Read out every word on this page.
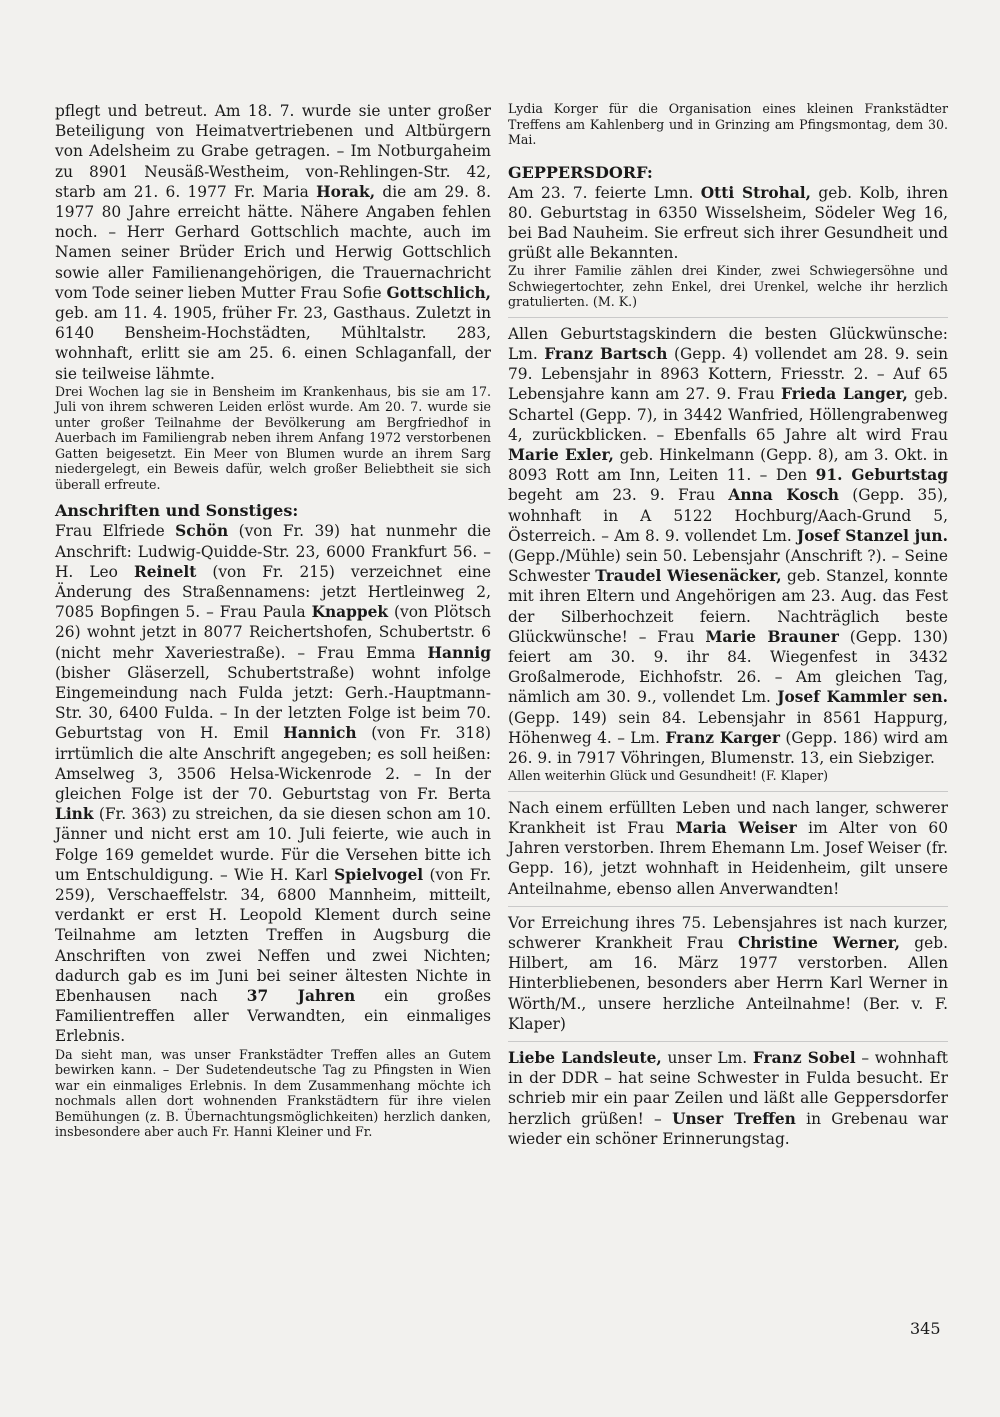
pflegt und betreut. Am 18. 7. wurde sie unter großer Beteiligung von Heimatvertriebenen und Altbürgern von Adelsheim zu Grabe getragen. – Im Notburgaheim zu 8901 Neusäß-Westheim, von-Rehlingen-Str. 42, starb am 21. 6. 1977 Fr. Maria Horak, die am 29. 8. 1977 80 Jahre erreicht hätte. Nähere Angaben fehlen noch. – Herr Gerhard Gottschlich machte, auch im Namen seiner Brüder Erich und Herwig Gottschlich sowie aller Familienangehörigen, die Trauernachricht vom Tode seiner lieben Mutter Frau Sofie Gottschlich, geb. am 11. 4. 1905, früher Fr. 23, Gasthaus. Zuletzt in 6140 Bensheim-Hochstädten, Mühltalstr. 283, wohnhaft, erlitt sie am 25. 6. einen Schlaganfall, der sie teilweise lähmte.

Drei Wochen lag sie in Bensheim im Krankenhaus, bis sie am 17. Juli von ihrem schweren Leiden erlöst wurde. Am 20. 7. wurde sie unter großer Teilnahme der Bevölkerung am Bergfriedhof in Auerbach im Familiengrab neben ihrem Anfang 1972 verstorbenen Gatten beigesetzt. Ein Meer von Blumen wurde an ihrem Sarg niedergelegt, ein Beweis dafür, welch großer Beliebtheit sie sich überall erfreute.

Anschriften und Sonstiges:

Frau Elfriede Schön (von Fr. 39) hat nunmehr die Anschrift: Ludwig-Quidde-Str. 23, 6000 Frankfurt 56. – H. Leo Reinelt (von Fr. 215) verzeichnet eine Änderung des Straßennamens: jetzt Hertleinweg 2, 7085 Bopfingen 5. – Frau Paula Knappek (von Plötsch 26) wohnt jetzt in 8077 Reichertshofen, Schubertstr. 6 (nicht mehr Xaveriestraße). – Frau Emma Hannig (bisher Gläserzell, Schubertstraße) wohnt infolge Eingemeindung nach Fulda jetzt: Gerh.-Hauptmann-Str. 30, 6400 Fulda. – In der letzten Folge ist beim 70. Geburtstag von H. Emil Hannich (von Fr. 318) irrtümlich die alte Anschrift angegeben; es soll heißen: Amselweg 3, 3506 Helsa-Wickenrode 2. – In der gleichen Folge ist der 70. Geburtstag von Fr. Berta Link (Fr. 363) zu streichen, da sie diesen schon am 10. Jänner und nicht erst am 10. Juli feierte, wie auch in Folge 169 gemeldet wurde. Für die Versehen bitte ich um Entschuldigung. – Wie H. Karl Spielvogel (von Fr. 259), Verschaeffelstr. 34, 6800 Mannheim, mitteilt, verdankt er erst H. Leopold Klement durch seine Teilnahme am letzten Treffen in Augsburg die Anschriften von zwei Neffen und zwei Nichten; dadurch gab es im Juni bei seiner ältesten Nichte in Ebenhausen nach 37 Jahren ein großes Familientreffen aller Verwandten, ein einmaliges Erlebnis.

Da sieht man, was unser Frankstädter Treffen alles an Gutem bewirken kann. – Der Sudetendeutsche Tag zu Pfingsten in Wien war ein einmaliges Erlebnis. In dem Zusammenhang möchte ich nochmals allen dort wohnenden Frankstädtern für ihre vielen Bemühungen (z. B. Übernachtungsmöglichkeiten) herzlich danken, insbesondere aber auch Fr. Hanni Kleiner und Fr.

Lydia Korger für die Organisation eines kleinen Frankstädter Treffens am Kahlenberg und in Grinzing am Pfingsmontag, dem 30. Mai.

GEPPERSDORF:

Am 23. 7. feierte Lmn. Otti Strohal, geb. Kolb, ihren 80. Geburtstag in 6350 Wisselsheim, Södeler Weg 16, bei Bad Nauheim. Sie erfreut sich ihrer Gesundheit und grüßt alle Bekannten.

Zu ihrer Familie zählen drei Kinder, zwei Schwiegersöhne und Schwiegertochter, zehn Enkel, drei Urenkel, welche ihr herzlich gratulierten. (M. K.)

Allen Geburtstagskindern die besten Glückwünsche: Lm. Franz Bartsch (Gepp. 4) vollendet am 28. 9. sein 79. Lebensjahr in 8963 Kottern, Friesstr. 2. – Auf 65 Lebensjahre kann am 27. 9. Frau Frieda Langer, geb. Schartel (Gepp. 7), in 3442 Wanfried, Höllengrabenweg 4, zurückblicken. – Ebenfalls 65 Jahre alt wird Frau Marie Exler, geb. Hinkelmann (Gepp. 8), am 3. Okt. in 8093 Rott am Inn, Leiten 11. – Den 91. Geburtstag begeht am 23. 9. Frau Anna Kosch (Gepp. 35), wohnhaft in A 5122 Hochburg/Aach-Grund 5, Österreich. – Am 8. 9. vollendet Lm. Josef Stanzel jun. (Gepp./Mühle) sein 50. Lebensjahr (Anschrift ?). – Seine Schwester Traudel Wiesenäcker, geb. Stanzel, konnte mit ihren Eltern und Angehörigen am 23. Aug. das Fest der Silberhochzeit feiern. Nachträglich beste Glückwünsche! – Frau Marie Brauner (Gepp. 130) feiert am 30. 9. ihr 84. Wiegenfest in 3432 Großalmerode, Eichhofstr. 26. – Am gleichen Tag, nämlich am 30. 9., vollendet Lm. Josef Kammler sen. (Gepp. 149) sein 84. Lebensjahr in 8561 Happurg, Höhenweg 4. – Lm. Franz Karger (Gepp. 186) wird am 26. 9. in 7917 Vöhringen, Blumenstr. 13, ein Siebziger.

Allen weiterhin Glück und Gesundheit! (F. Klaper)

Nach einem erfüllten Leben und nach langer, schwerer Krankheit ist Frau Maria Weiser im Alter von 60 Jahren verstorben. Ihrem Ehemann Lm. Josef Weiser (fr. Gepp. 16), jetzt wohnhaft in Heidenheim, gilt unsere Anteilnahme, ebenso allen Anverwandten!

Vor Erreichung ihres 75. Lebensjahres ist nach kurzer, schwerer Krankheit Frau Christine Werner, geb. Hilbert, am 16. März 1977 verstorben. Allen Hinterbliebenen, besonders aber Herrn Karl Werner in Wörth/M., unsere herzliche Anteilnahme! (Ber. v. F. Klaper)

Liebe Landsleute, unser Lm. Franz Sobel – wohnhaft in der DDR – hat seine Schwester in Fulda besucht. Er schrieb mir ein paar Zeilen und läßt alle Geppersdorfer herzlich grüßen! – Unser Treffen in Grebenau war wieder ein schöner Erinnerungstag.

345
